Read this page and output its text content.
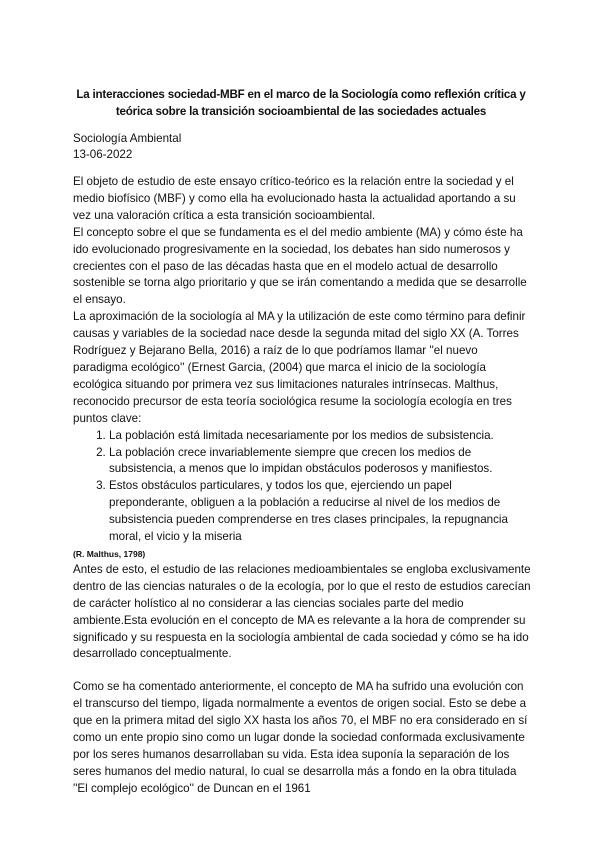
La interacciones sociedad-MBF en el marco de la Sociología como reflexión crítica y teórica sobre la transición socioambiental de las sociedades actuales
Sociología Ambiental
13-06-2022

El objeto de estudio de este ensayo crítico-teórico es la relación entre la sociedad y el medio biofísico (MBF) y como ella ha evolucionado hasta la actualidad aportando a su vez una valoración crítica a esta transición socioambiental.

El concepto sobre el que se fundamenta es el del medio ambiente (MA) y cómo éste ha ido evolucionado progresivamente en la sociedad, los debates han sido numerosos y crecientes con el paso de las décadas hasta que en el modelo actual de desarrollo sostenible se torna algo prioritario y que se irán comentando a medida que se desarrolle el ensayo.

La aproximación de la sociología al MA y la utilización de este como término para definir causas y variables de la sociedad nace desde la segunda mitad del siglo XX (A. Torres Rodríguez y Bejarano Bella, 2016) a raíz de lo que podríamos llamar ''el nuevo paradigma ecológico'' (Ernest Garcia, (2004) que marca el inicio de la sociología ecológica situando por primera vez sus limitaciones naturales intrínsecas. Malthus, reconocido precursor de esta teoría sociológica resume la sociología ecología en tres puntos clave:

1. La población está limitada necesariamente por los medios de subsistencia.
2. La población crece invariablemente siempre que crecen los medios de subsistencia, a menos que lo impidan obstáculos poderosos y manifiestos.
3. Estos obstáculos particulares, y todos los que, ejerciendo un papel preponderante, obliguen a la población a reducirse al nivel de los medios de subsistencia pueden comprenderse en tres clases principales, la repugnancia moral, el vicio y la miseria
(R. Malthus, 1798)

Antes de esto, el estudio de las relaciones medioambientales se engloba exclusivamente dentro de las ciencias naturales o de la ecología, por lo que el resto de estudios carecían de carácter holístico al no considerar a las ciencias sociales parte del medio ambiente.Esta evolución en el concepto de MA es relevante a la hora de comprender su significado y su respuesta en la sociología ambiental de cada sociedad y cómo se ha ido desarrollado conceptualmente.

Como se ha comentado anteriormente, el concepto de MA ha sufrido una evolución con el transcurso del tiempo, ligada normalmente a eventos de origen social. Esto se debe a que en la primera mitad del siglo XX hasta los años 70, el MBF no era considerado en sí como un ente propio sino como un lugar donde la sociedad conformada exclusivamente por los seres humanos desarrollaban su vida. Esta idea suponía la separación de los seres humanos del medio natural, lo cual se desarrolla más a fondo en la obra titulada ''El complejo ecológico'' de Duncan en el 1961
